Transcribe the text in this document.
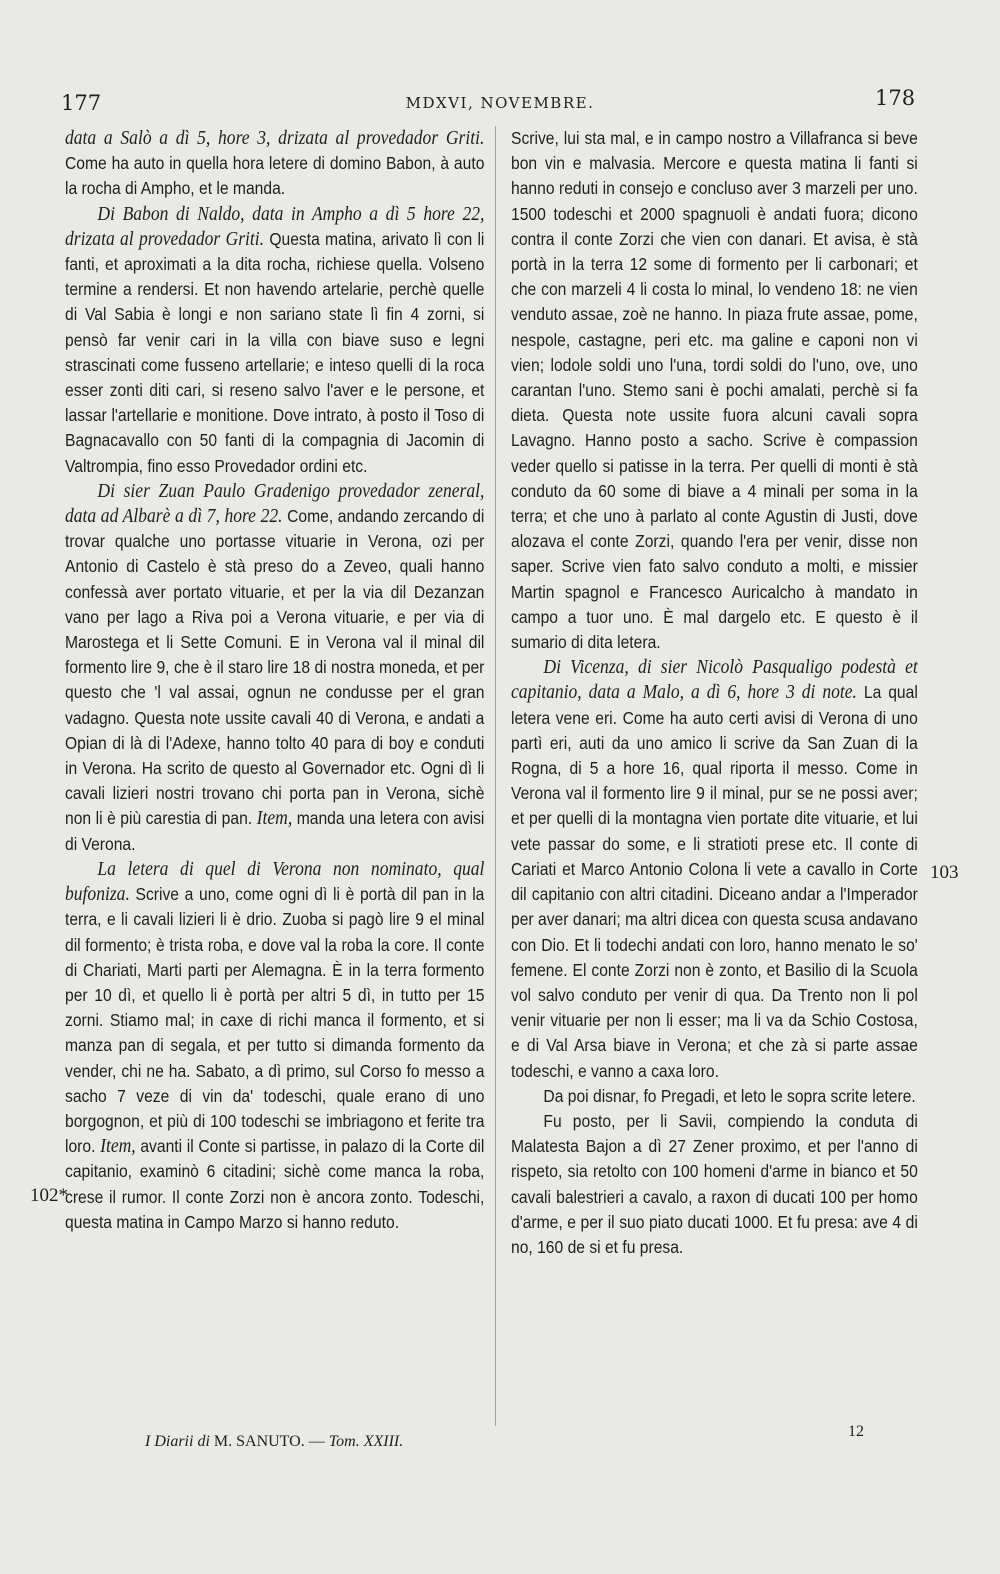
177	MDXVI, NOVEMBRE.	178

data a Salò a dì 5, hore 3, drizata al provedador Griti. Come ha auto in quella hora letere di domino Babon, à auto la rocha di Ampho, et le manda.

Di Babon di Naldo, data in Ampho a dì 5 hore 22, drizata al provedador Griti. Questa matina, arivato lì con li fanti, et aproximati a la dita rocha, richiese quella. Volseno termine a rendersi. Et non havendo artelarie, perchè quelle di Val Sabia è longi e non sariano state lì fin 4 zorni, si pensò far venir cari in la villa con biave suso e legni strascinati come fusseno artellarie; e inteso quelli di la roca esser zonti diti cari, si reseno salvo l'aver e le persone, et lassar l'artellarie e monitione. Dove intrato, à posto il Toso di Bagnacavallo con 50 fanti di la compagnia di Jacomin di Valtrompia, fino esso Provedador ordini etc.

Di sier Zuan Paulo Gradenigo provedador zeneral, data ad Albarè a dì 7, hore 22. Come, andando zercando di trovar qualche uno portasse vituarie in Verona, ozi per Antonio di Castelo è stà preso do a Zeveo, quali hanno confessà aver portato vituarie, et per la via dil Dezanzan vano per lago a Riva poi a Verona vituarie, e per via di Marostega et li Sette Comuni. E in Verona val il minal dil formento lire 9, che è il staro lire 18 di nostra moneda, et per questo che 'l val assai, ognun ne condusse per el gran vadagno. Questa note ussite cavali 40 di Verona, e andati a Opian di là di l'Adexe, hanno tolto 40 para di boy e conduti in Verona. Ha scrito de questo al Governador etc. Ogni dì li cavali lizieri nostri trovano chi porta pan in Verona, sichè non li è più carestia di pan. Item, manda una letera con avisi di Verona.

La letera di quel di Verona non nominato, qual bufoniza. Scrive a uno, come ogni dì li è portà dil pan in la terra, e li cavali lizieri li è drio. Zuoba si pagò lire 9 el minal dil formento; è trista roba, e dove val la roba la core. Il conte di Chariati, Marti parti per Alemagna. È in la terra formento per 10 dì, et quello li è portà per altri 5 dì, in tutto per 15 zorni. Stiamo mal; in caxe di richi manca il formento, et si manza pan di segala, et per tutto si dimanda formento da vender, chi ne ha. Sabato, a dì primo, sul Corso fo messo a sacho 7 veze di vin da' todeschi, quale erano di uno borgognon, et più di 100 todeschi se imbriagono et ferite tra loro. Item, avanti il Conte si partisse, in palazo di la Corte dil capitanio, examinò 6 citadini; sichè come manca la roba, crese il rumor. Il conte Zorzi non è ancora zonto. Todeschi, questa matina in Campo Marzo si hanno reduto.

Scrive, lui sta mal, e in campo nostro a Villafranca si beve bon vin e malvasia. Mercore e questa matina li fanti si hanno reduti in consejo e concluso aver 3 marzeli per uno. 1500 todeschi et 2000 spagnuoli è andati fuora; dicono contra il conte Zorzi che vien con danari. Et avisa, è stà portà in la terra 12 some di formento per li carbonari; et che con marzeli 4 li costa lo minal, lo vendeno 18: ne vien venduto assae, zoè ne hanno. In piaza frute assae, pome, nespole, castagne, peri etc. ma galine e caponi non vi vien; lodole soldi uno l'una, tordi soldi do l'uno, ove, uno carantan l'uno. Stemo sani è pochi amalati, perchè si fa dieta. Questa note ussite fuora alcuni cavali sopra Lavagno. Hanno posto a sacho. Scrive è compassion veder quello si patisse in la terra. Per quelli di monti è stà conduto da 60 some di biave a 4 minali per soma in la terra; et che uno à parlato al conte Agustin di Justi, dove alozava el conte Zorzi, quando l'era per venir, disse non saper. Scrive vien fato salvo conduto a molti, e missier Martin spagnol e Francesco Auricalcho à mandato in campo a tuor uno. È mal dargelo etc. E questo è il sumario di dita letera.

Di Vicenza, di sier Nicolò Pasqualigo podestà et capitanio, data a Malo, a dì 6, hore 3 di note. La qual letera vene eri. Come ha auto certi avisi di Verona di uno partì eri, auti da uno amico li scrive da San Zuan di la Rogna, di 5 a hore 16, qual riporta il messo. Come in Verona val il formento lire 9 il minal, pur se ne possi aver; et per quelli di la montagna vien portate dite vituarie, et lui vete passar do some, e li stratioti prese etc. Il conte di Cariati et Marco Antonio Colona li vete a cavallo in Corte dil capitanio con altri citadini. Diceano andar a l'Imperador per aver danari; ma altri dicea con questa scusa andavano con Dio. Et li todechi andati con loro, hanno menato le so' femene. El conte Zorzi non è zonto, et Basilio di la Scuola vol salvo conduto per venir di qua. Da Trento non li pol venir vituarie per non li esser; ma li va da Schio Costosa, e di Val Arsa biave in Verona; et che zà si parte assae todeschi, e vanno a caxa loro.

Da poi disnar, fo Pregadi, et leto le sopra scrite letere.

Fu posto, per li Savii, compiendo la conduta di Malatesta Bajon a dì 27 Zener proximo, et per l'anno di rispeto, sia retolto con 100 homeni d'arme in bianco et 50 cavali balestrieri a cavalo, a raxon di ducati 100 per homo d'arme, e per il suo piato ducati 1000. Et fu presa: ave 4 di no, 160 de si et fu presa.

102*
103
I Diarii di M. SANUTO. — Tom. XXIII.
12
